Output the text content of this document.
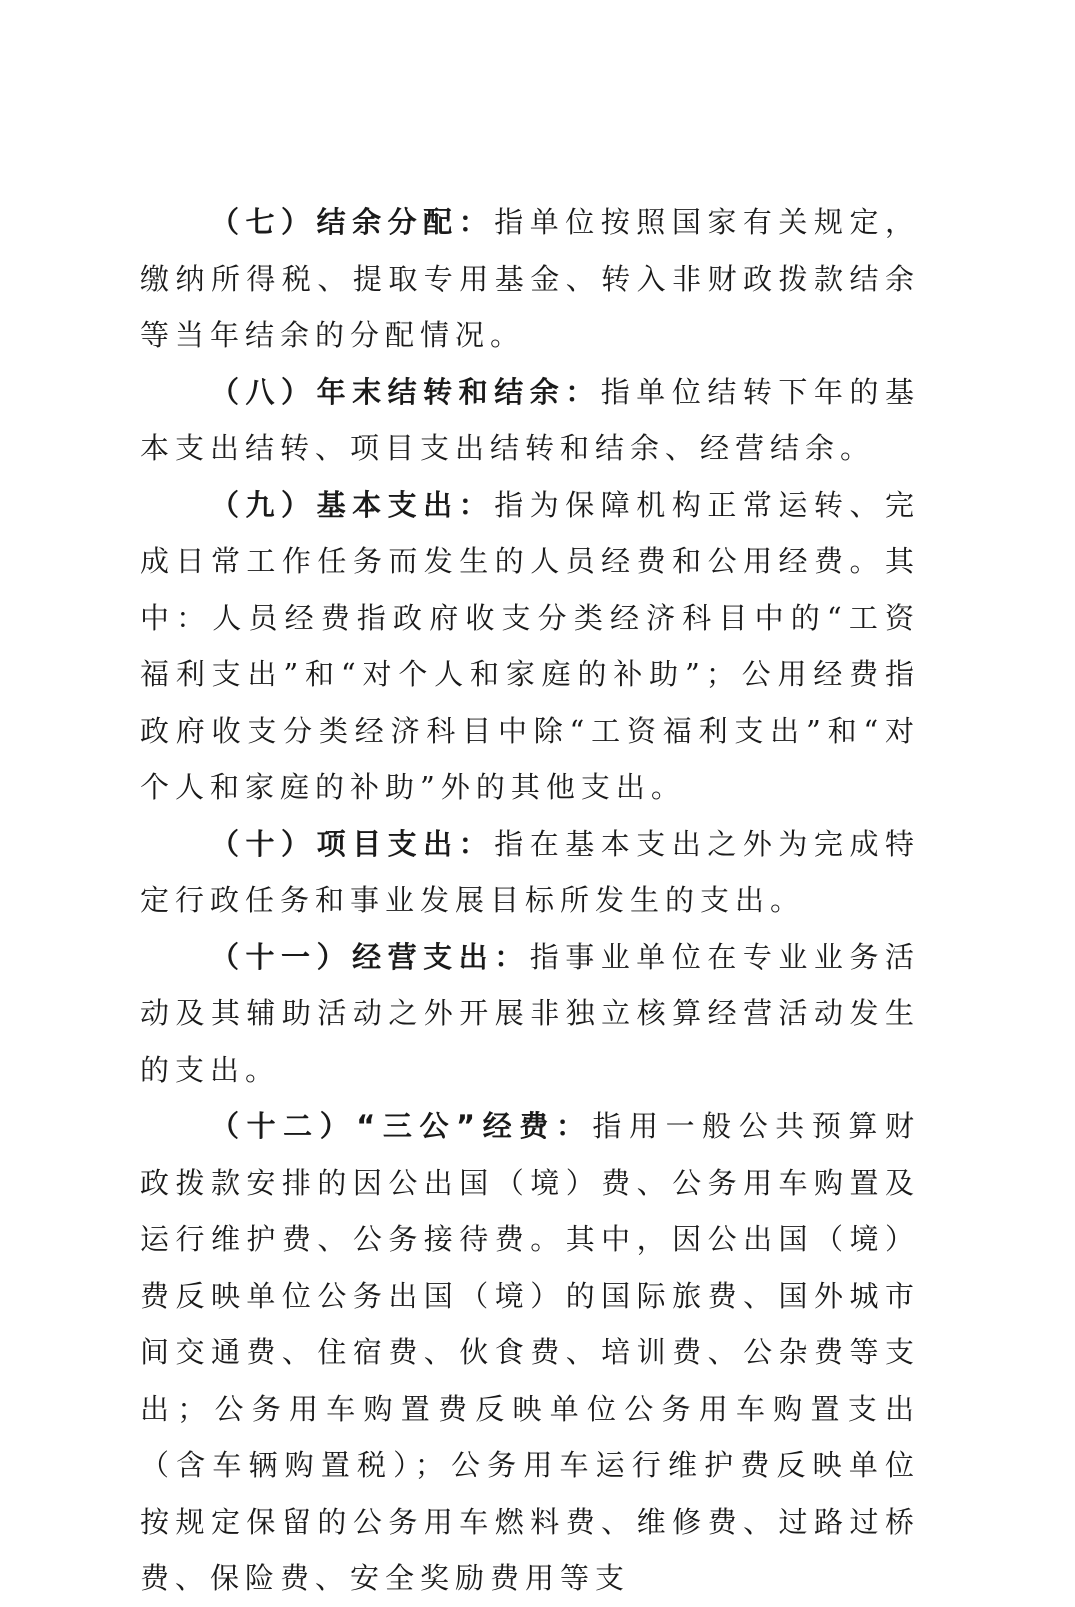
（七）结余分配：指单位按照国家有关规定，缴纳所得税、提取专用基金、转入非财政拨款结余等当年结余的分配情况。

（八）年末结转和结余：指单位结转下年的基本支出结转、项目支出结转和结余、经营结余。

（九）基本支出：指为保障机构正常运转、完成日常工作任务而发生的人员经费和公用经费。其中：人员经费指政府收支分类经济科目中的“工资福利支出”和“对个人和家庭的补助”；公用经费指政府收支分类经济科目中除“工资福利支出”和“对个人和家庭的补助”外的其他支出。

（十）项目支出：指在基本支出之外为完成特定行政任务和事业发展目标所发生的支出。

（十一）经营支出：指事业单位在专业业务活动及其辅助活动之外开展非独立核算经营活动发生的支出。

（十二）“三公”经费：指用一般公共预算财政拨款安排的因公出国（境）费、公务用车购置及运行维护费、公务接待费。其中，因公出国（境）费反映单位公务出国（境）的国际旅费、国外城市间交通费、住宿费、伙食费、培训费、公杂费等支出；公务用车购置费反映单位公务用车购置支出（含车辆购置税）；公务用车运行维护费反映单位按规定保留的公务用车燃料费、维修费、过路过桥费、保险费、安全奖励费用等支
